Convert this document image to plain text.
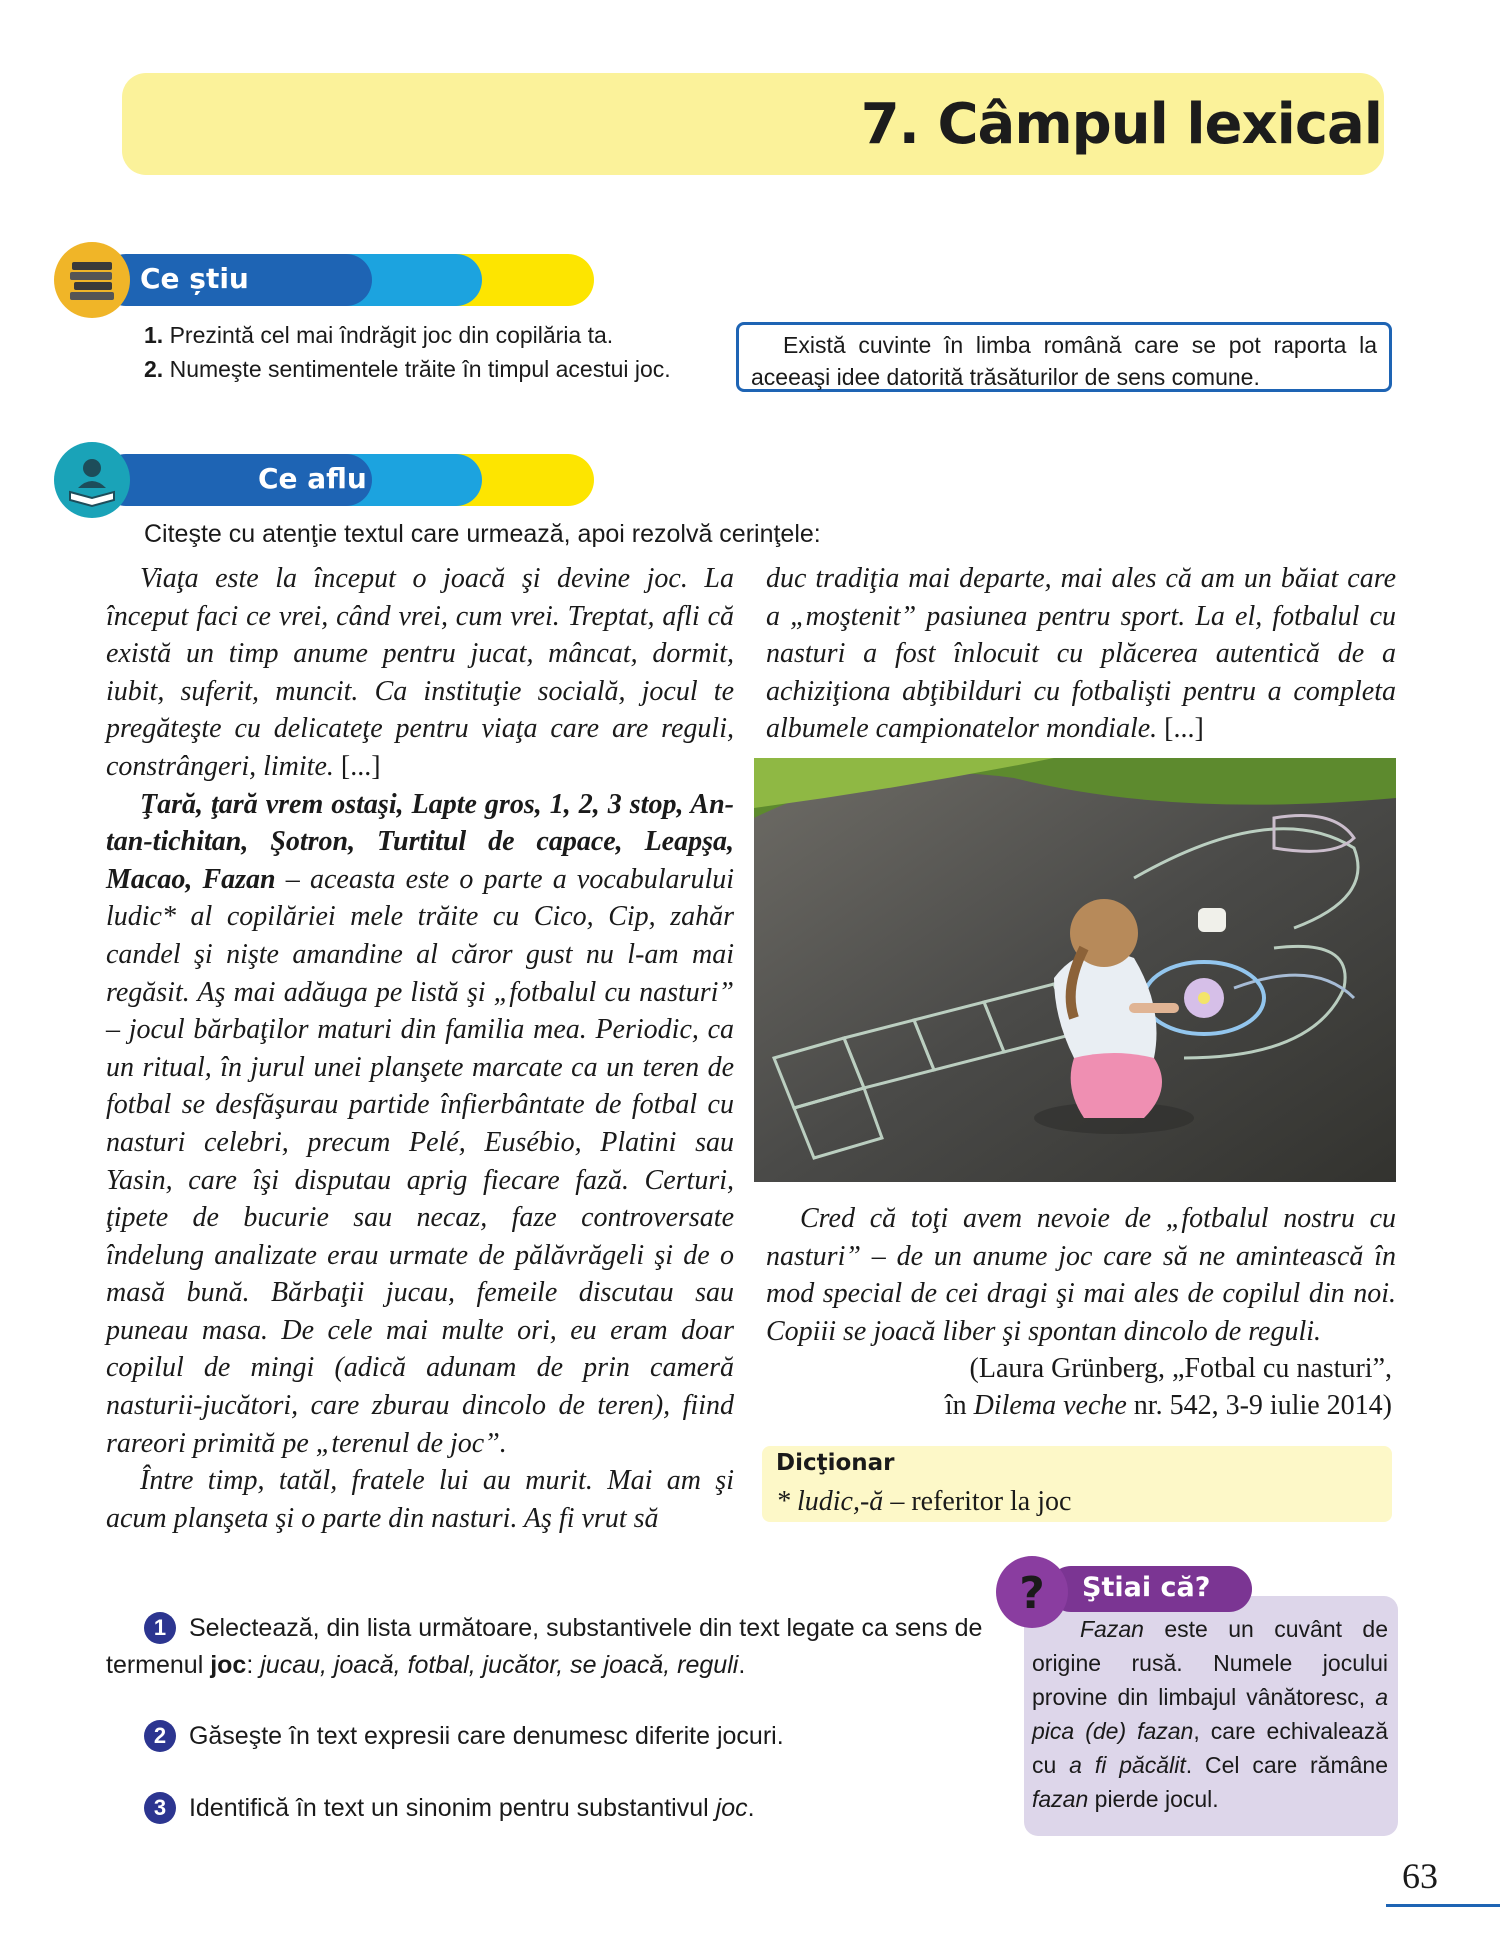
7. Câmpul lexical
Ce știu
1. Prezintă cel mai îndrăgit joc din copilăria ta.
2. Numeşte sentimentele trăite în timpul acestui joc.
Există cuvinte în limba română care se pot raporta la aceeaşi idee datorită trăsăturilor de sens comune.
Ce aflu
Citeşte cu atenţie textul care urmează, apoi rezolvă cerinţele:

Viaţa este la început o joacă şi devine joc. La început faci ce vrei, când vrei, cum vrei. Treptat, afli că există un timp anume pentru jucat, mâncat, dormit, iubit, suferit, muncit. Ca instituţie socială, jocul te pregăteşte cu delicateţe pentru viaţa care are reguli, constrângeri, limite. [...]

Ţară, ţară vrem ostaşi, Lapte gros, 1, 2, 3 stop, An-tan-tichitan, Şotron, Turtitul de capace, Leapşa, Macao, Fazan – aceasta este o parte a vocabularului ludic* al copilăriei mele trăite cu Cico, Cip, zahăr candel şi nişte amandine al căror gust nu l-am mai regăsit. Aş mai adăuga pe listă şi „fotbalul cu nasturi” – jocul bărbaţilor maturi din familia mea. Periodic, ca un ritual, în jurul unei planşete marcate ca un teren de fotbal se desfăşurau partide înfierbântate de fotbal cu nasturi celebri, precum Pelé, Eusébio, Platini sau Yasin, care îşi disputau aprig fiecare fază. Certuri, ţipete de bucurie sau necaz, faze controversate îndelung analizate erau urmate de pălăvrăgeli şi de o masă bună. Bărbaţii jucau, femeile discutau sau puneau masa. De cele mai multe ori, eu eram doar copilul de mingi (adică adunam de prin cameră nasturii-jucători, care zburau dincolo de teren), fiind rareori primită pe „terenul de joc”.

Între timp, tatăl, fratele lui au murit. Mai am şi acum planşeta şi o parte din nasturi. Aş fi vrut să

duc tradiţia mai departe, mai ales că am un băiat care a „moştenit” pasiunea pentru sport. La el, fotbalul cu nasturi a fost înlocuit cu plăcerea autentică de a achiziţiona abţibilduri cu fotbalişti pentru a completa albumele campionatelor mondiale. [...]

Cred că toţi avem nevoie de „fotbalul nostru cu nasturi” – de un anume joc care să ne amintească în mod special de cei dragi şi mai ales de copilul din noi. Copiii se joacă liber şi spontan dincolo de reguli.

(Laura Grünberg, „Fotbal cu nasturi”,
în Dilema veche nr. 542, 3-9 iulie 2014)
Dicţionar
* ludic,-ă – referitor la joc
1 Selectează, din lista următoare, substantivele din text legate ca sens de termenul joc: jucau, joacă, fotbal, jucător, se joacă, reguli.
2 Găseşte în text expresii care denumesc diferite jocuri.
3 Identifică în text un sinonim pentru substantivul joc.
Ştiai că?
?
Fazan este un cuvânt de origine rusă. Numele jocului provine din limbajul vânătoresc, a pica (de) fazan, care echivalează cu a fi păcălit. Cel care rămâne fazan pierde jocul.
63
